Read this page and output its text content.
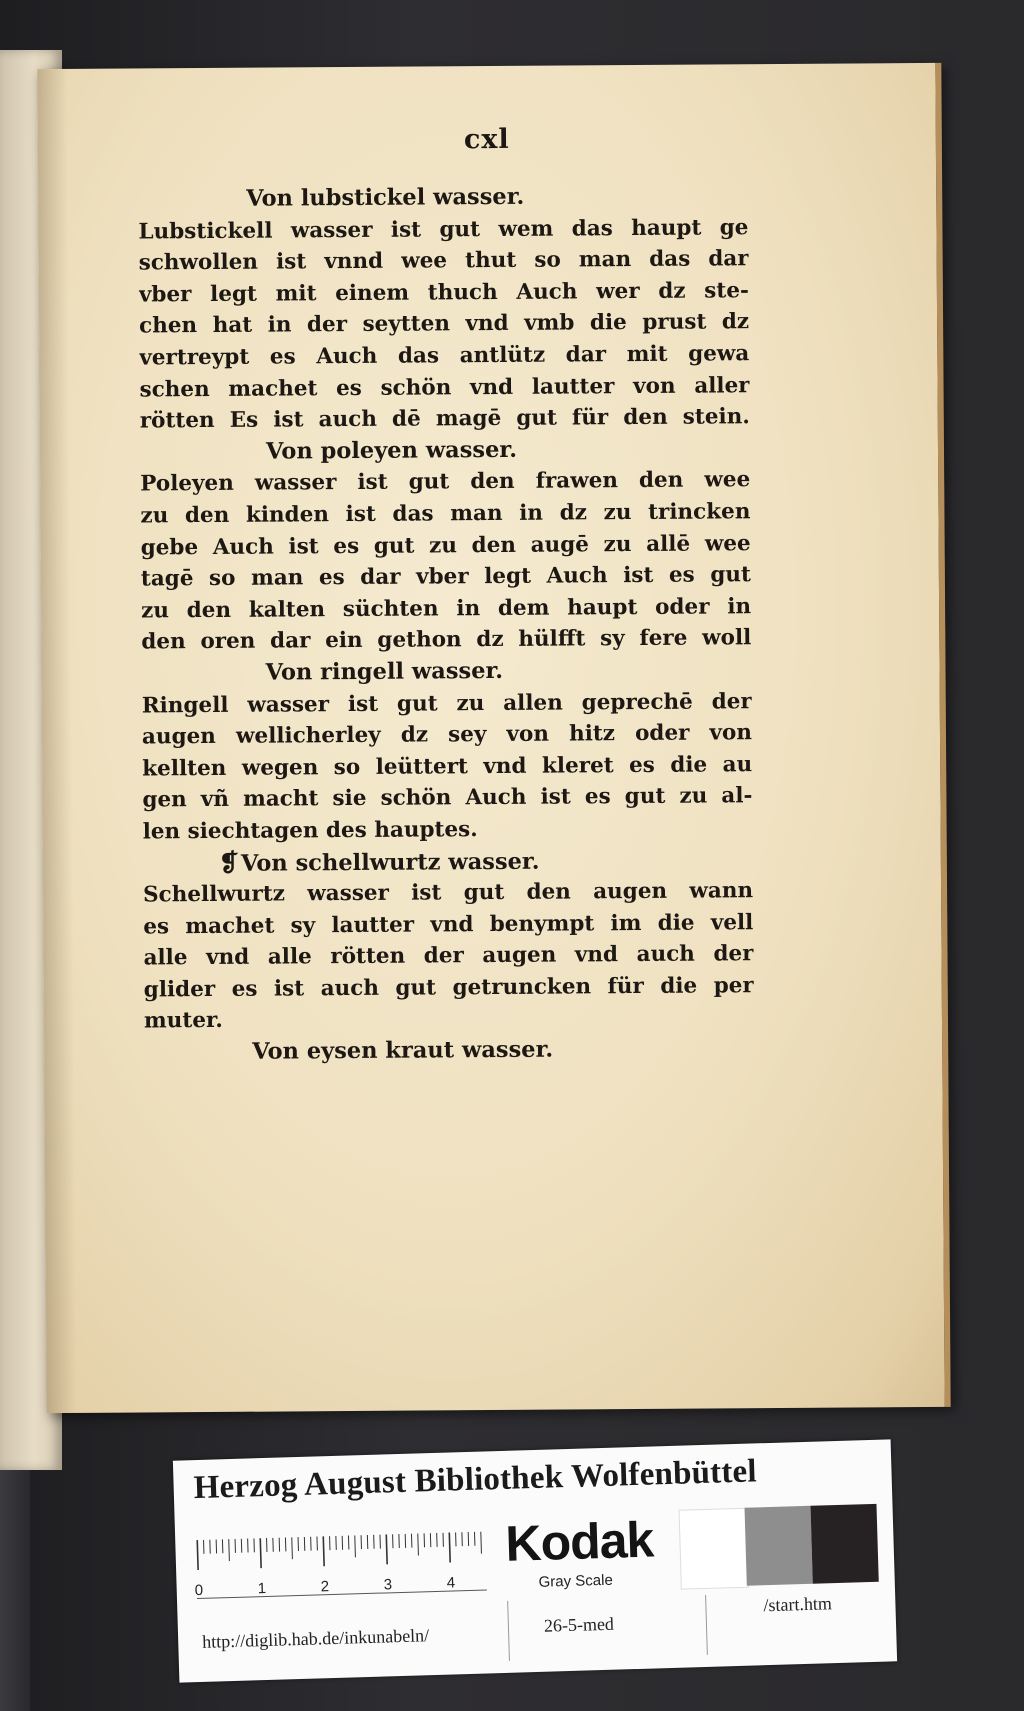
cxl
Von lubstickel wasser.
Lubstickell wasser ist gut wem das haupt ge
schwollen ist vnnd wee thut so man das dar
vber legt mit einem thuch Auch wer dz ste-
chen hat in der seytten vnd vmb die prust dz
vertreypt es Auch das antlütz dar mit gewa
schen machet es schön vnd lautter von aller
rötten Es ist auch dē magē gut für den stein.
Von poleyen wasser.
Poleyen wasser ist gut den frawen den wee
zu den kinden ist das man in dz zu trincken
gebe Auch ist es gut zu den augē zu allē wee
tagē so man es dar vber legt Auch ist es gut
zu den kalten süchten in dem haupt oder in
den oren dar ein gethon dz hülfft sy fere woll
Von ringell wasser.
Ringell wasser ist gut zu allen geprechē der
augen wellicherley dz sey von hitz oder von
kellten wegen so leüttert vnd kleret es die au
gen vñ macht sie schön Auch ist es gut zu al-
len siechtagen des hauptes.
❡Von schellwurtz wasser.
Schellwurtz wasser ist gut den augen wann
es machet sy lautter vnd benympt im die vell
alle vnd alle rötten der augen vnd auch der
glider es ist auch gut getruncken für die per
muter.
Von eysen kraut wasser.
Herzog August Bibliothek Wolfenbüttel
0	1	2	3	4
Kodak
Gray Scale
http://diglib.hab.de/inkunabeln/
26-5-med
/start.htm
